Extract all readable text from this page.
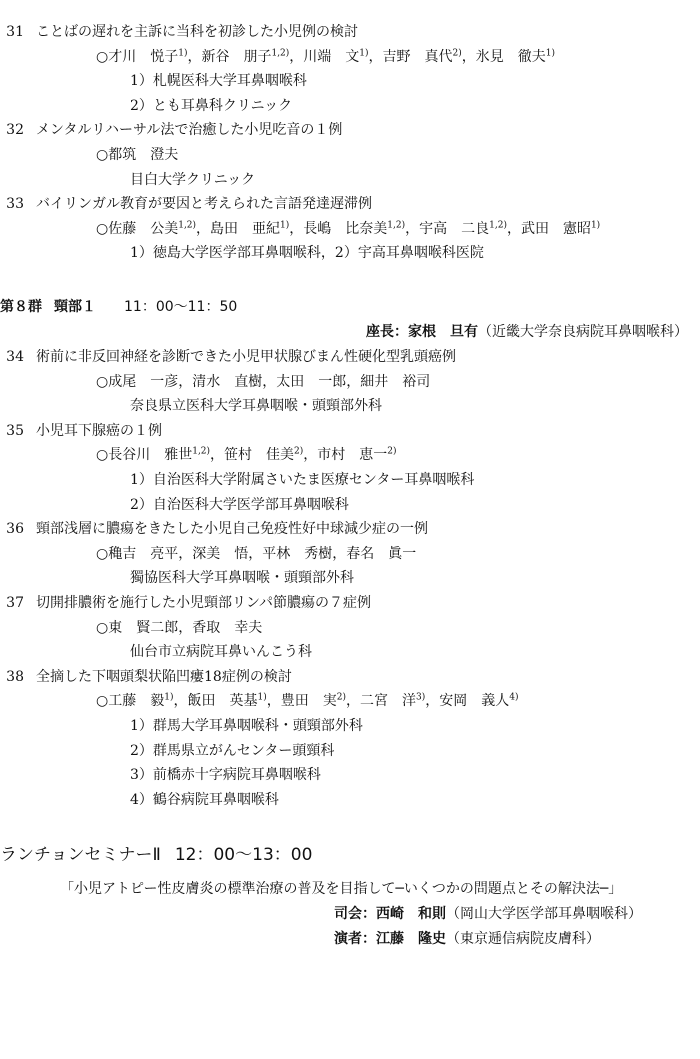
第８群 頸部１ 11：00〜11：50
座長：家根　旦有（近畿大学奈良病院耳鼻咽喉科）
ランチョンセミナーⅡ 12：00〜13：00
「小児アトピー性皮膚炎の標準治療の普及を目指して─いくつかの問題点とその解決法─」
司会：西崎　和則（岡山大学医学部耳鼻咽喉科）
演者：江藤　隆史（東京逓信病院皮膚科）
31 ことばの遅れを主訴に当科を初診した小児例の検討
○才川　悦子$^{1)}$，新谷　朋子$^{1,2)}$，川端　文$^{1)}$，吉野　真代$^{2)}$，氷見　徹夫$^{1)}$
1）札幌医科大学耳鼻咽喉科
2）とも耳鼻科クリニック
32 メンタルリハーサル法で治癒した小児吃音の１例
○都筑　澄夫
目白大学クリニック
33 バイリンガル教育が要因と考えられた言語発達遅滞例
○佐藤　公美$^{1,2)}$，島田　亜紀$^{1)}$，長嶋　比奈美$^{1,2)}$，宇高　二良$^{1,2)}$，武田　憲昭$^{1)}$
1）徳島大学医学部耳鼻咽喉科，2）宇高耳鼻咽喉科医院
34 術前に非反回神経を診断できた小児甲状腺びまん性硬化型乳頭癌例
○成尾　一彦，清水　直樹，太田　一郎，細井　裕司
奈良県立医科大学耳鼻咽喉・頭頸部外科
35 小児耳下腺癌の１例
○長谷川　雅世$^{1,2)}$，笹村　佳美$^{2)}$，市村　恵一$^{2)}$
1）自治医科大学附属さいたま医療センター耳鼻咽喉科
2）自治医科大学医学部耳鼻咽喉科
36 頸部浅層に膿瘍をきたした小児自己免疫性好中球減少症の一例
○穐吉　亮平，深美　悟，平林　秀樹，春名　眞一
獨協医科大学耳鼻咽喉・頭頸部外科
37 切開排膿術を施行した小児頸部リンパ節膿瘍の７症例
○東　賢二郎，香取　幸夫
仙台市立病院耳鼻いんこう科
38 全摘した下咽頭梨状陥凹瘻18症例の検討
○工藤　毅$^{1)}$，飯田　英基$^{1)}$，豊田　実$^{2)}$，二宮　洋$^{3)}$，安岡　義人$^{4)}$
1）群馬大学耳鼻咽喉科・頭頸部外科
2）群馬県立がんセンター頭頸科
3）前橋赤十字病院耳鼻咽喉科
4）鶴谷病院耳鼻咽喉科
